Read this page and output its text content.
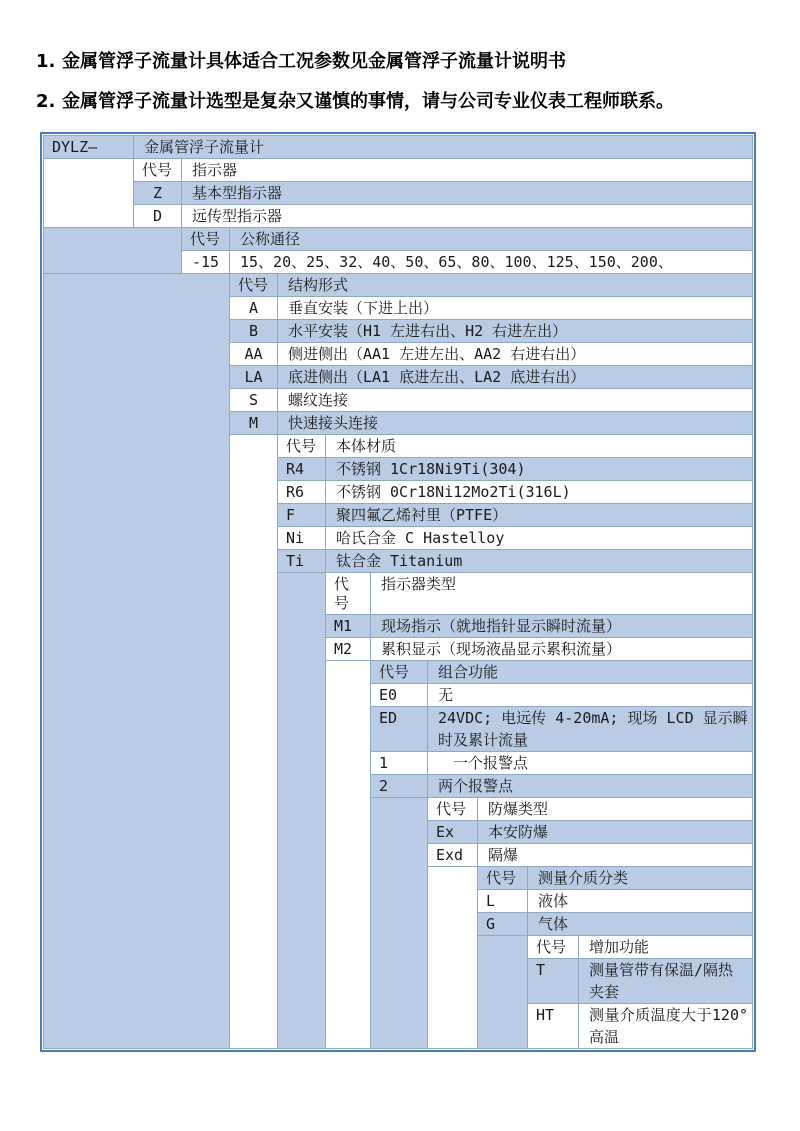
1. 金属管浮子流量计具体适合工况参数见金属管浮子流量计说明书
2. 金属管浮子流量计选型是复杂又谨慎的事情，请与公司专业仪表工程师联系。
DYLZ—	金属管浮子流量计									
	代号	指示器								
	Z	基本型指示器								
	D	远传型指示器								
		代号	公称通径							
		-15	15、20、25、32、40、50、65、80、100、125、150、200、							
			代号	结构形式						
			A	垂直安装（下进上出）						
			B	水平安装（H1 左进右出、H2 右进左出）						
			AA	侧进侧出（AA1 左进左出、AA2 右进右出）						
			LA	底进侧出（LA1 底进左出、LA2 底进右出）						
			S	螺纹连接						
			M	快速接头连接						
				代号	本体材质					
				R4	不锈钢 1Cr18Ni9Ti(304)					
				R6	不锈钢 0Cr18Ni12Mo2Ti(316L)					
				F	聚四氟乙烯衬里（PTFE）					
				Ni	哈氏合金 C Hastelloy					
				Ti	钛合金 Titanium					
					代号	指示器类型				
					M1	现场指示（就地指针显示瞬时流量）				
					M2	累积显示（现场液晶显示累积流量）				
						代号	组合功能			
						E0	无			
						ED	24VDC; 电远传 4-20mA; 现场 LCD 显示瞬时及累计流量			
						1	　一个报警点			
						2	两个报警点			
							代号	防爆类型		
							Ex	本安防爆		
							Exd	隔爆		
								代号	测量介质分类	
								L	液体	
								G	气体	
									代号	增加功能
									T	测量管带有保温/隔热夹套
									HT	测量介质温度大于120°高温
